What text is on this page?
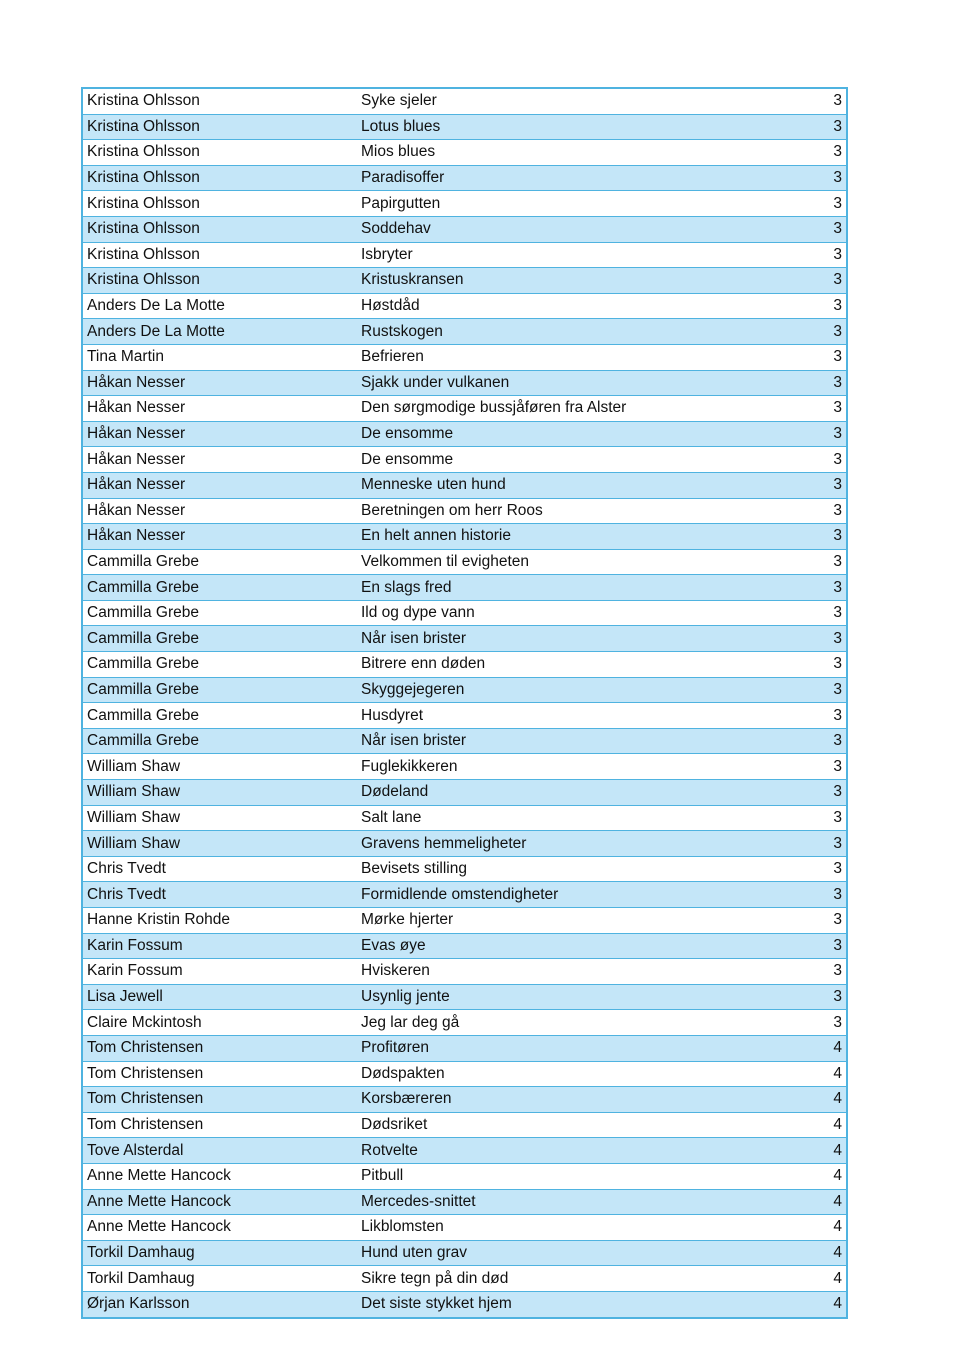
Kristina Ohlsson	Syke sjeler	3
Kristina Ohlsson	Lotus blues	3
Kristina Ohlsson	Mios blues	3
Kristina Ohlsson	Paradisoffer	3
Kristina Ohlsson	Papirgutten	3
Kristina Ohlsson	Soddehav	3
Kristina Ohlsson	Isbryter	3
Kristina Ohlsson	Kristuskransen	3
Anders De La Motte	Høstdåd	3
Anders De La Motte	Rustskogen	3
Tina Martin	Befrieren	3
Håkan Nesser	Sjakk under vulkanen	3
Håkan Nesser	Den sørgmodige bussjåføren fra Alster	3
Håkan Nesser	De ensomme	3
Håkan Nesser	De ensomme	3
Håkan Nesser	Menneske uten hund	3
Håkan Nesser	Beretningen om herr Roos	3
Håkan Nesser	En helt annen historie	3
Cammilla Grebe	Velkommen til evigheten	3
Cammilla Grebe	En slags fred	3
Cammilla Grebe	Ild og dype vann	3
Cammilla Grebe	Når isen brister	3
Cammilla Grebe	Bitrere enn døden	3
Cammilla Grebe	Skyggejegeren	3
Cammilla Grebe	Husdyret	3
Cammilla Grebe	Når isen brister	3
William Shaw	Fuglekikkeren	3
William Shaw	Dødeland	3
William Shaw	Salt lane	3
William Shaw	Gravens hemmeligheter	3
Chris Tvedt	Bevisets stilling	3
Chris Tvedt	Formidlende omstendigheter	3
Hanne Kristin Rohde	Mørke hjerter	3
Karin Fossum	Evas øye	3
Karin Fossum	Hviskeren	3
Lisa Jewell	Usynlig jente	3
Claire Mckintosh	Jeg lar deg gå	3
Tom Christensen	Profitøren	4
Tom Christensen	Dødspakten	4
Tom Christensen	Korsbæreren	4
Tom Christensen	Dødsriket	4
Tove Alsterdal	Rotvelte	4
Anne Mette Hancock	Pitbull	4
Anne Mette Hancock	Mercedes-snittet	4
Anne Mette Hancock	Likblomsten	4
Torkil Damhaug	Hund uten grav	4
Torkil Damhaug	Sikre tegn på din død	4
Ørjan Karlsson	Det siste stykket hjem	4
